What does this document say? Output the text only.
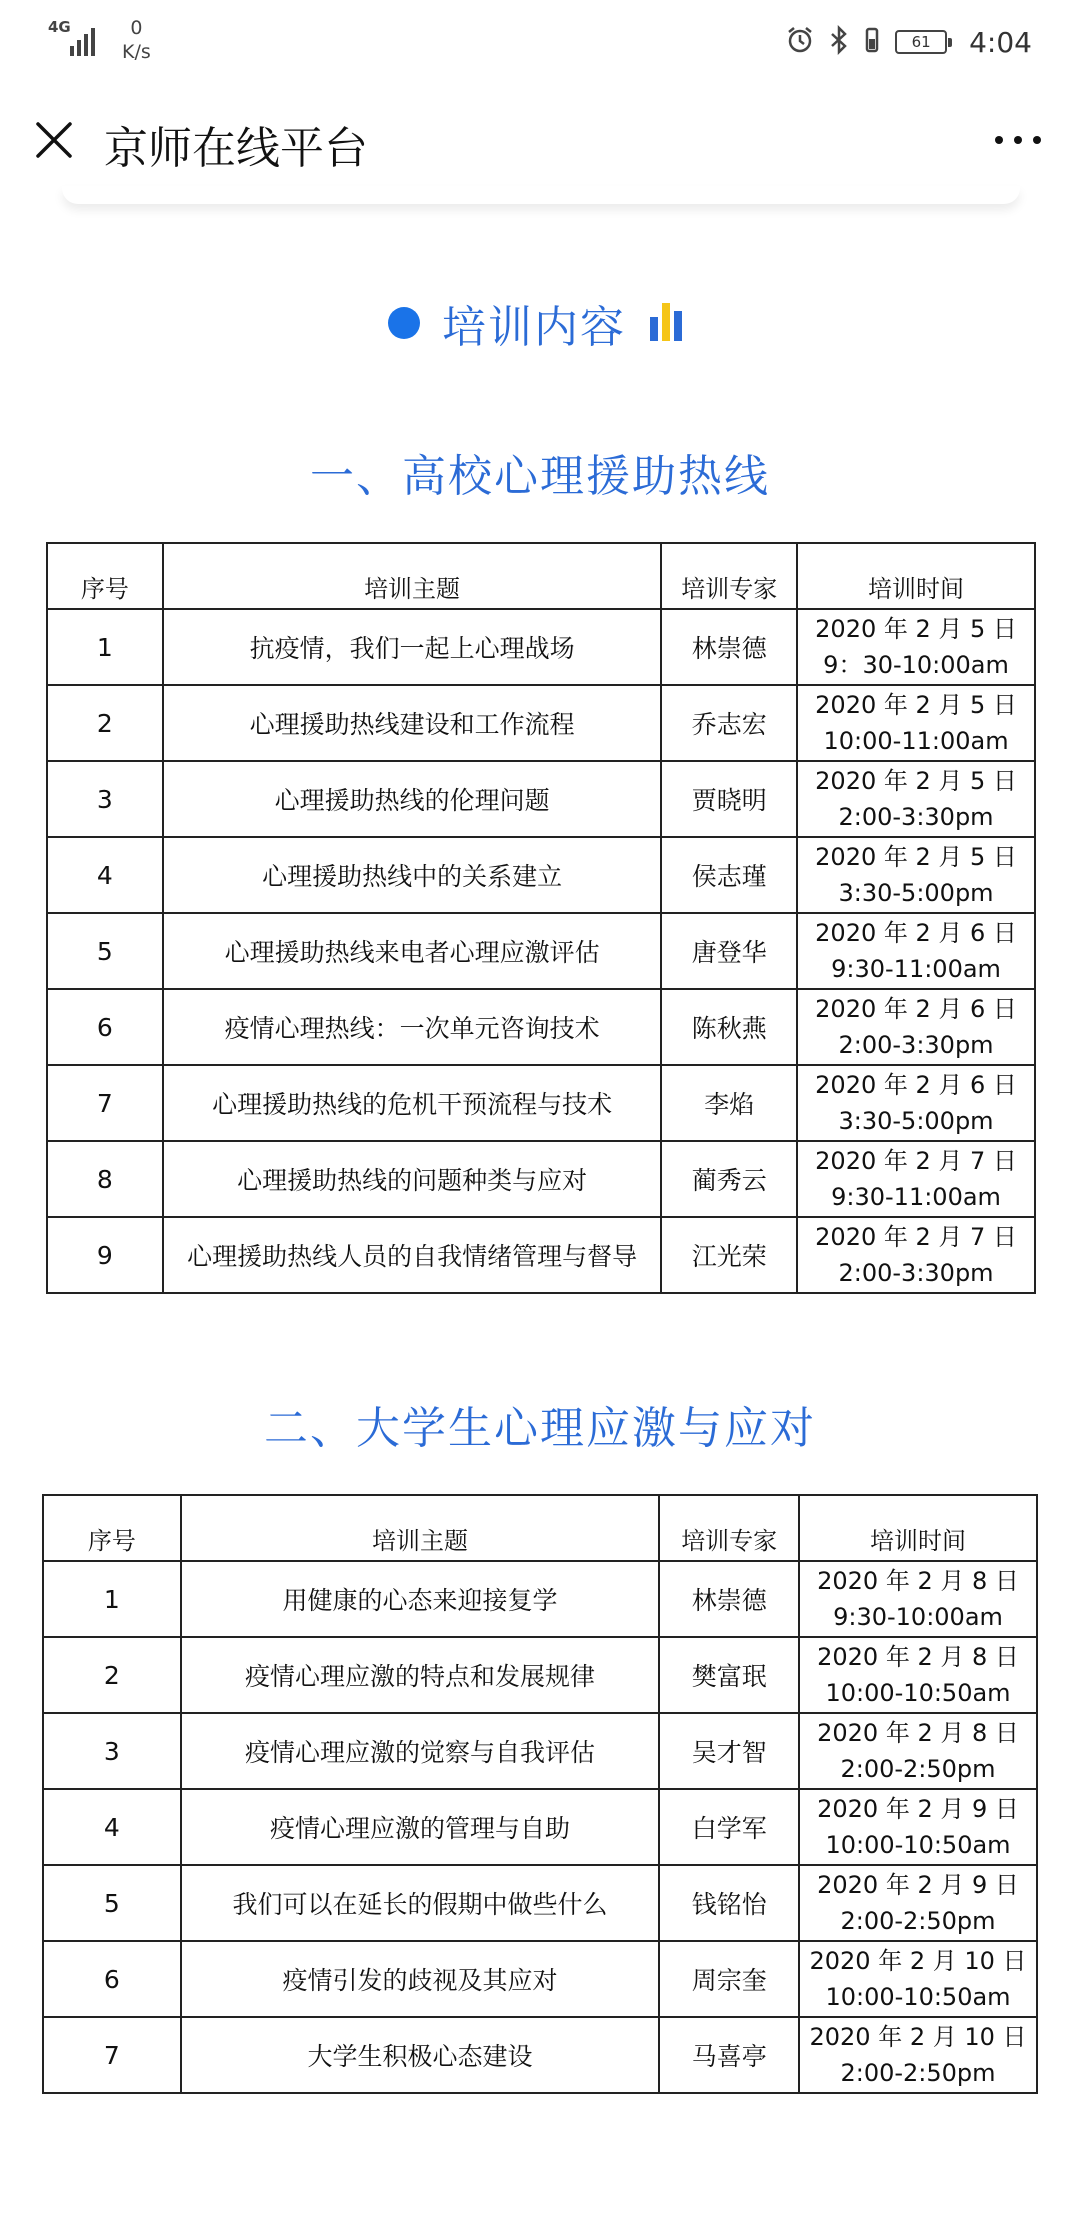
4G	0
K/s	61 4:04
京师在线平台
培训内容
一、高校心理援助热线
序号	培训主题	培训专家	培训时间
1	抗疫情，我们一起上心理战场	林崇德	2020 年 2 月 5 日
9：30-10:00am

2	心理援助热线建设和工作流程	乔志宏	2020 年 2 月 5 日
10:00-11:00am

3	心理援助热线的伦理问题	贾晓明	2020 年 2 月 5 日
2:00-3:30pm

4	心理援助热线中的关系建立	侯志瑾	2020 年 2 月 5 日
3:30-5:00pm

5	心理援助热线来电者心理应激评估	唐登华	2020 年 2 月 6 日
9:30-11:00am

6	疫情心理热线：一次单元咨询技术	陈秋燕	2020 年 2 月 6 日
2:00-3:30pm

7	心理援助热线的危机干预流程与技术	李焰	2020 年 2 月 6 日
3:30-5:00pm

8	心理援助热线的问题种类与应对	蔺秀云	2020 年 2 月 7 日
9:30-11:00am

9	心理援助热线人员的自我情绪管理与督导	江光荣	2020 年 2 月 7 日
2:00-3:30pm
二、大学生心理应激与应对
序号	培训主题	培训专家	培训时间
1	用健康的心态来迎接复学	林崇德	2020 年 2 月 8 日
9:30-10:00am

2	疫情心理应激的特点和发展规律	樊富珉	2020 年 2 月 8 日
10:00-10:50am

3	疫情心理应激的觉察与自我评估	吴才智	2020 年 2 月 8 日
2:00-2:50pm

4	疫情心理应激的管理与自助	白学军	2020 年 2 月 9 日
10:00-10:50am

5	我们可以在延长的假期中做些什么	钱铭怡	2020 年 2 月 9 日
2:00-2:50pm

6	疫情引发的歧视及其应对	周宗奎	2020 年 2 月 10 日
10:00-10:50am

7	大学生积极心态建设	马喜亭	2020 年 2 月 10 日
2:00-2:50pm
